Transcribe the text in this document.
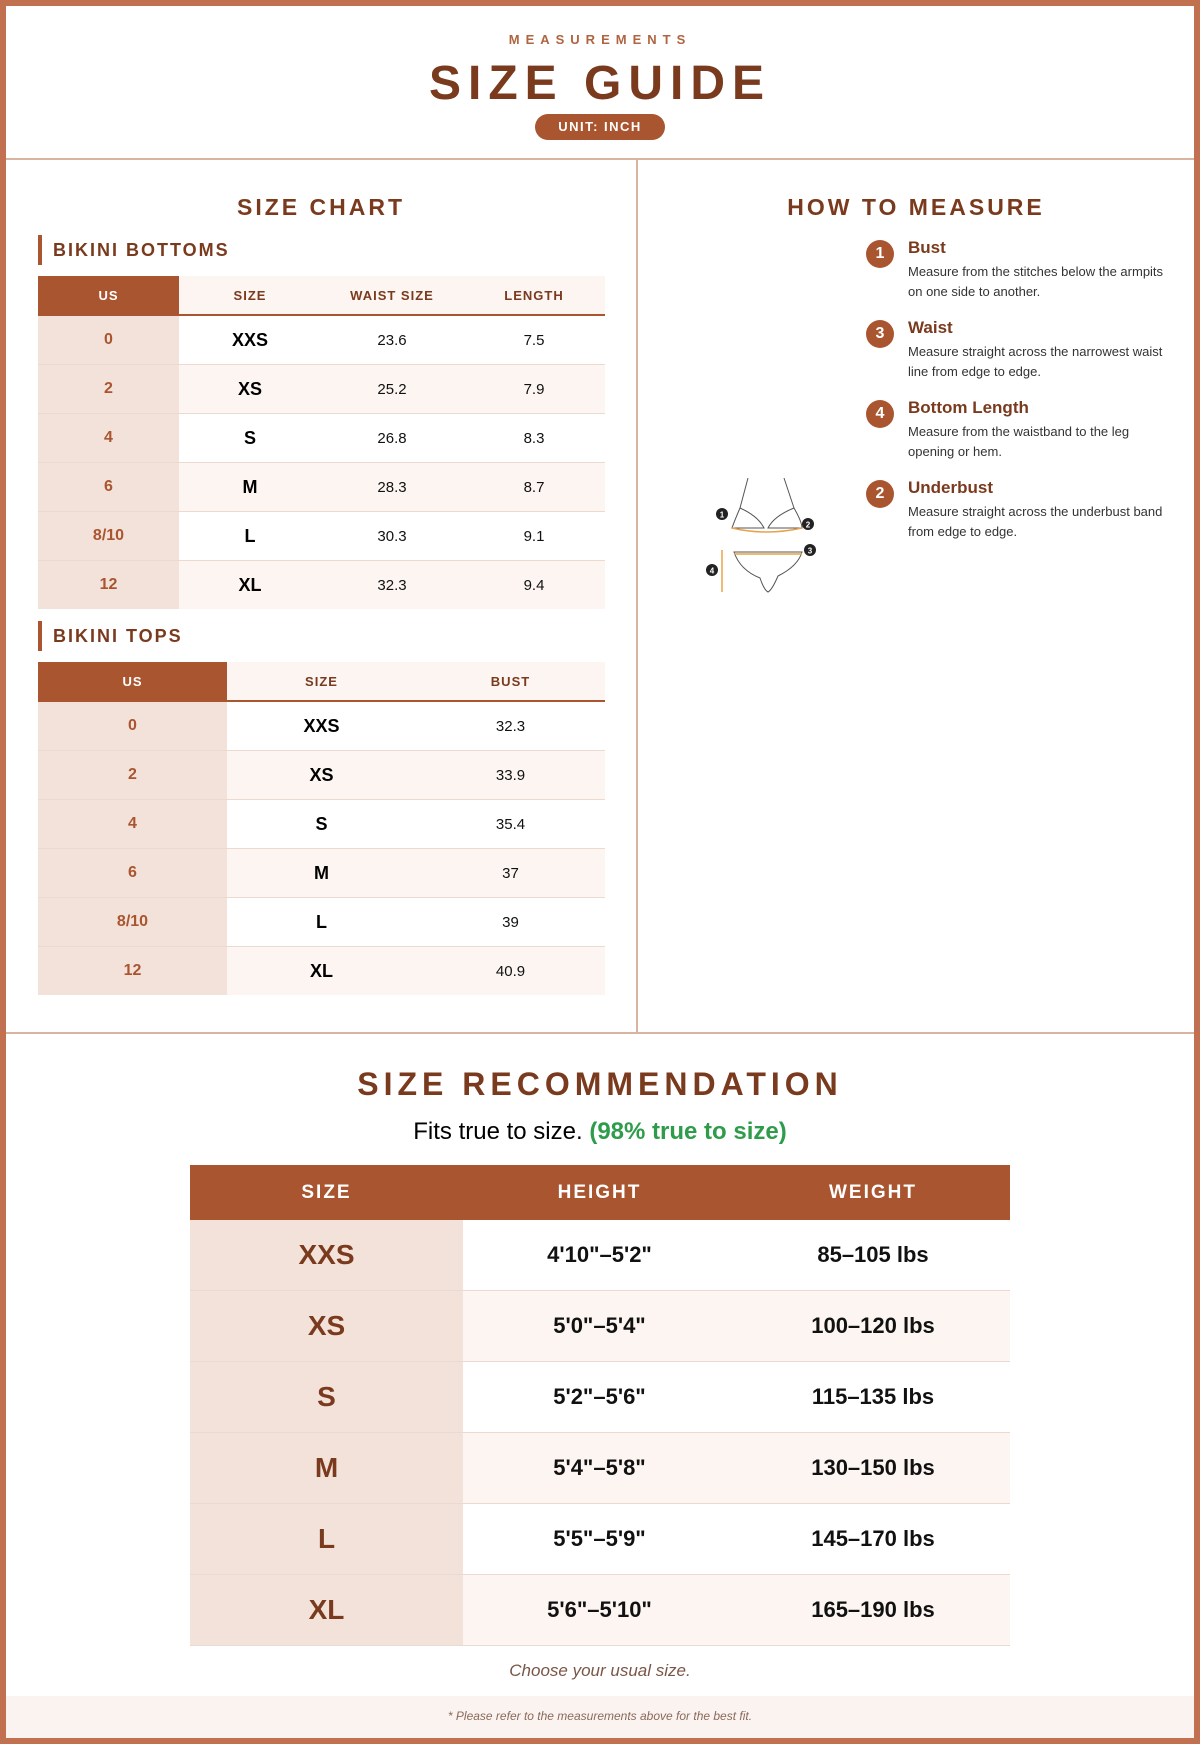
MEASUREMENTS
SIZE GUIDE
UNIT: INCH
SIZE CHART
BIKINI BOTTOMS
US	SIZE	WAIST SIZE	LENGTH
0	XXS	23.6	7.5
2	XS	25.2	7.9
4	S	26.8	8.3
6	M	28.3	8.7
8/10	L	30.3	9.1
12	XL	32.3	9.4
BIKINI TOPS
US	SIZE	BUST
0	XXS	32.3
2	XS	33.9
4	S	35.4
6	M	37
8/10	L	39
12	XL	40.9
HOW TO MEASURE
1
2
3
4
1	Bust
Measure from the stitches below the armpits on one side to another.
3	Waist
Measure straight across the narrowest waist line from edge to edge.
4	Bottom Length
Measure from the waistband to the leg opening or hem.
2	Underbust
Measure straight across the underbust band from edge to edge.
SIZE RECOMMENDATION
Fits true to size. (98% true to size)
SIZE	HEIGHT	WEIGHT
XXS	4'10"–5'2"	85–105 lbs
XS	5'0"–5'4"	100–120 lbs
S	5'2"–5'6"	115–135 lbs
M	5'4"–5'8"	130–150 lbs
L	5'5"–5'9"	145–170 lbs
XL	5'6"–5'10"	165–190 lbs
Choose your usual size.
* Please refer to the measurements above for the best fit.
